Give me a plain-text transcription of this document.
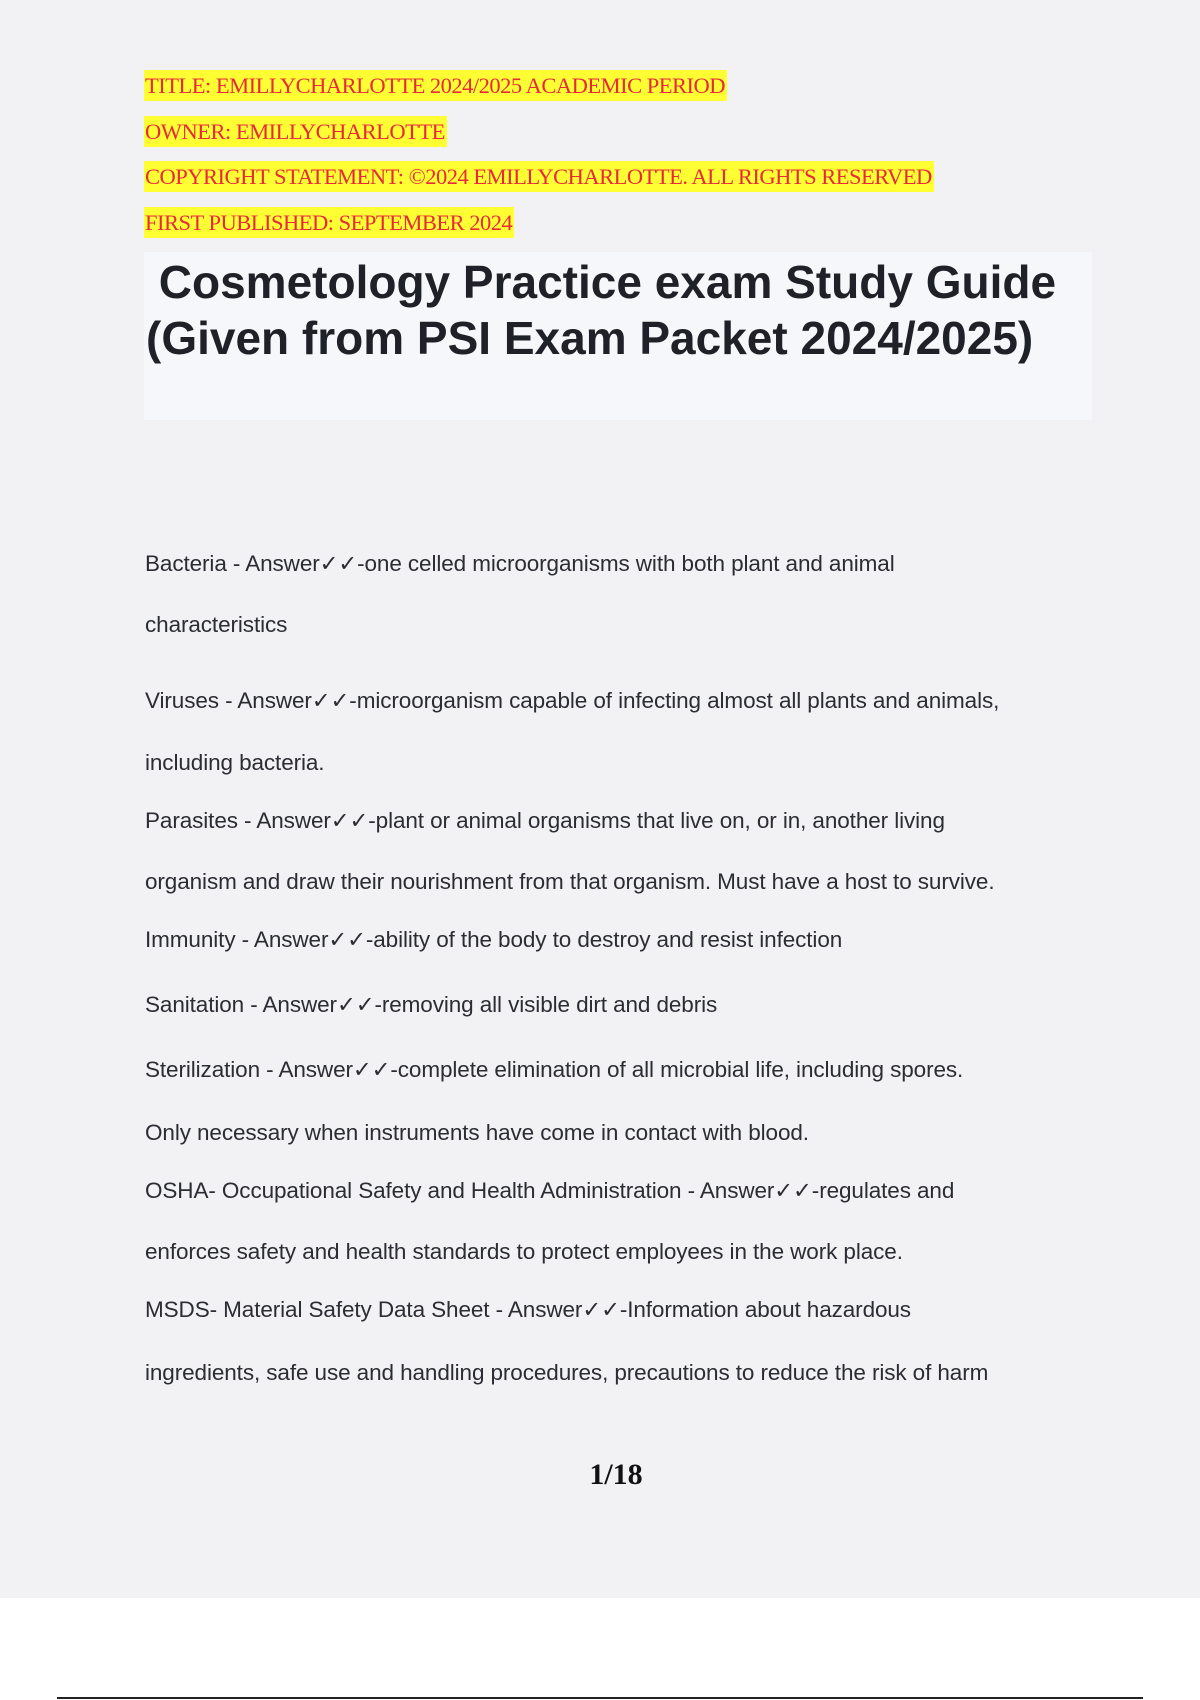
TITLE: EMILLYCHARLOTTE 2024/2025 ACADEMIC PERIOD
OWNER: EMILLYCHARLOTTE
COPYRIGHT STATEMENT: ©2024 EMILLYCHARLOTTE. ALL RIGHTS RESERVED
FIRST PUBLISHED: SEPTEMBER 2024
Cosmetology Practice exam Study Guide (Given from PSI Exam Packet 2024/2025)
Bacteria - Answer✓✓-one celled microorganisms with both plant and animal
characteristics
Viruses - Answer✓✓-microorganism capable of infecting almost all plants and animals,
including bacteria.
Parasites - Answer✓✓-plant or animal organisms that live on, or in, another living
organism and draw their nourishment from that organism. Must have a host to survive.
Immunity - Answer✓✓-ability of the body to destroy and resist infection
Sanitation - Answer✓✓-removing all visible dirt and debris
Sterilization - Answer✓✓-complete elimination of all microbial life, including spores.
Only necessary when instruments have come in contact with blood.
OSHA- Occupational Safety and Health Administration - Answer✓✓-regulates and
enforces safety and health standards to protect employees in the work place.
MSDS- Material Safety Data Sheet - Answer✓✓-Information about hazardous
ingredients, safe use and handling procedures, precautions to reduce the risk of harm
1/18
